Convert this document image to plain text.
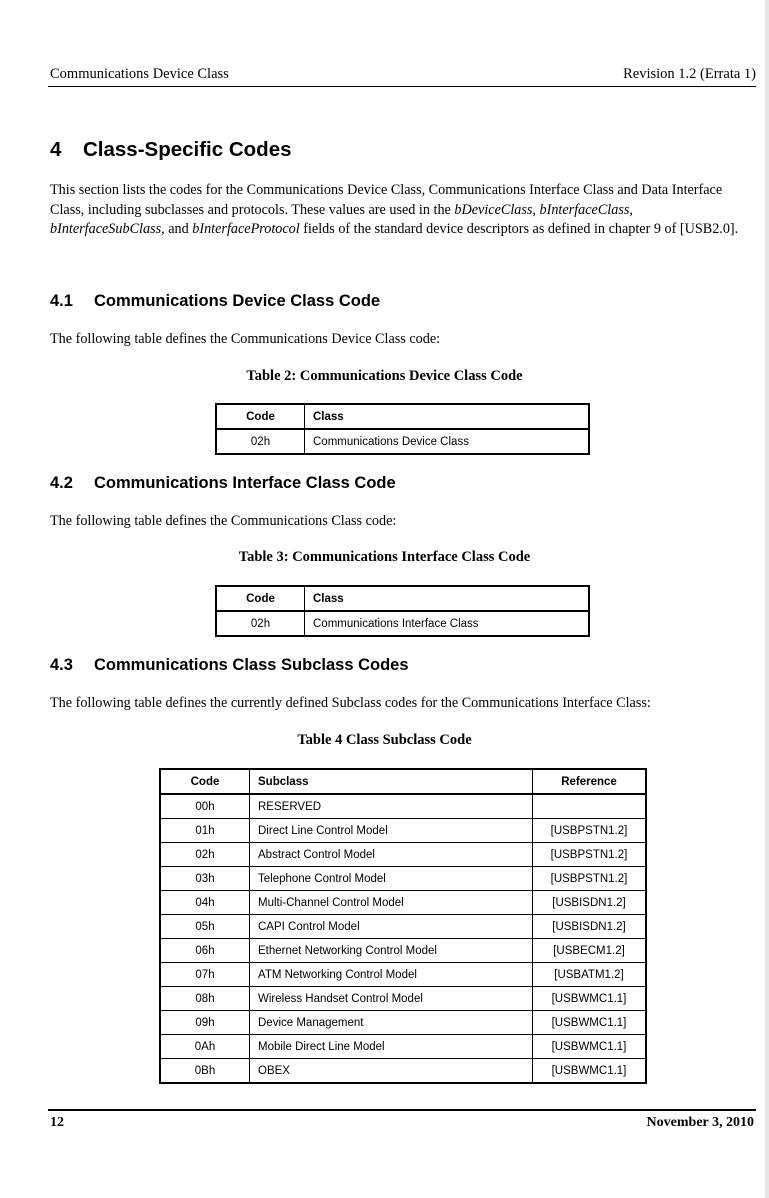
Communications Device Class	Revision 1.2 (Errata 1)
4 Class-Specific Codes
This section lists the codes for the Communications Device Class, Communications Interface Class and Data Interface Class, including subclasses and protocols. These values are used in the bDeviceClass, bInterfaceClass, bInterfaceSubClass, and bInterfaceProtocol fields of the standard device descriptors as defined in chapter 9 of [USB2.0].
4.1 Communications Device Class Code
The following table defines the Communications Device Class code:
Table 2: Communications Device Class Code
Code	Class
02h	Communications Device Class
4.2 Communications Interface Class Code
The following table defines the Communications Class code:
Table 3: Communications Interface Class Code
Code	Class
02h	Communications Interface Class
4.3 Communications Class Subclass Codes
The following table defines the currently defined Subclass codes for the Communications Interface Class:
Table 4 Class Subclass Code
Code	Subclass	Reference
00h	RESERVED	
01h	Direct Line Control Model	[USBPSTN1.2]
02h	Abstract Control Model	[USBPSTN1.2]
03h	Telephone Control Model	[USBPSTN1.2]
04h	Multi-Channel Control Model	[USBISDN1.2]
05h	CAPI Control Model	[USBISDN1.2]
06h	Ethernet Networking Control Model	[USBECM1.2]
07h	ATM Networking Control Model	[USBATM1.2]
08h	Wireless Handset Control Model	[USBWMC1.1]
09h	Device Management	[USBWMC1.1]
0Ah	Mobile Direct Line Model	[USBWMC1.1]
0Bh	OBEX	[USBWMC1.1]
12	November 3, 2010
